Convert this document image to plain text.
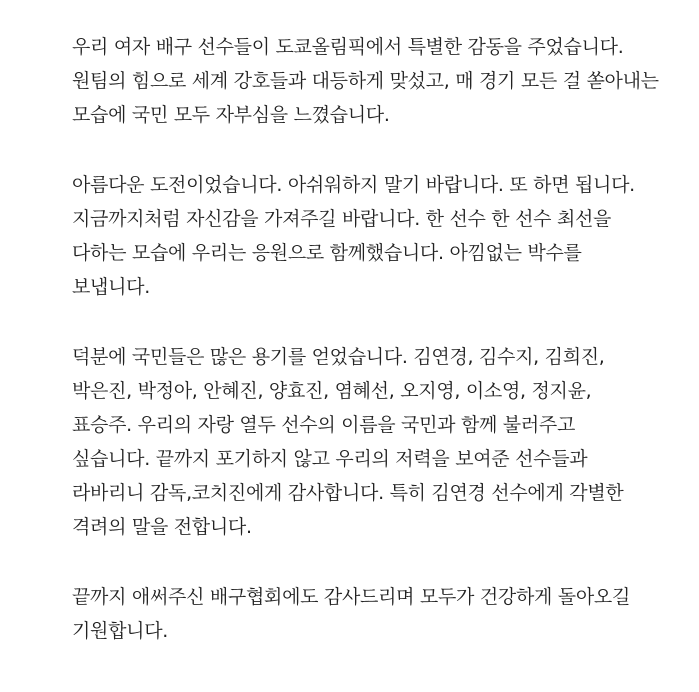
우리 여자 배구 선수들이 도쿄올림픽에서 특별한 감동을 주었습니다.
원팀의 힘으로 세계 강호들과 대등하게 맞섰고, 매 경기 모든 걸 쏟아내는
모습에 국민 모두 자부심을 느꼈습니다.
아름다운 도전이었습니다. 아쉬워하지 말기 바랍니다. 또 하면 됩니다.
지금까지처럼 자신감을 가져주길 바랍니다. 한 선수 한 선수 최선을
다하는 모습에 우리는 응원으로 함께했습니다. 아낌없는 박수를
보냅니다.
덕분에 국민들은 많은 용기를 얻었습니다. 김연경, 김수지, 김희진,
박은진, 박정아, 안혜진, 양효진, 염혜선, 오지영, 이소영, 정지윤,
표승주. 우리의 자랑 열두 선수의 이름을 국민과 함께 불러주고
싶습니다. 끝까지 포기하지 않고 우리의 저력을 보여준 선수들과
라바리니 감독,코치진에게 감사합니다. 특히 김연경 선수에게 각별한
격려의 말을 전합니다.
끝까지 애써주신 배구협회에도 감사드리며 모두가 건강하게 돌아오길
기원합니다.
